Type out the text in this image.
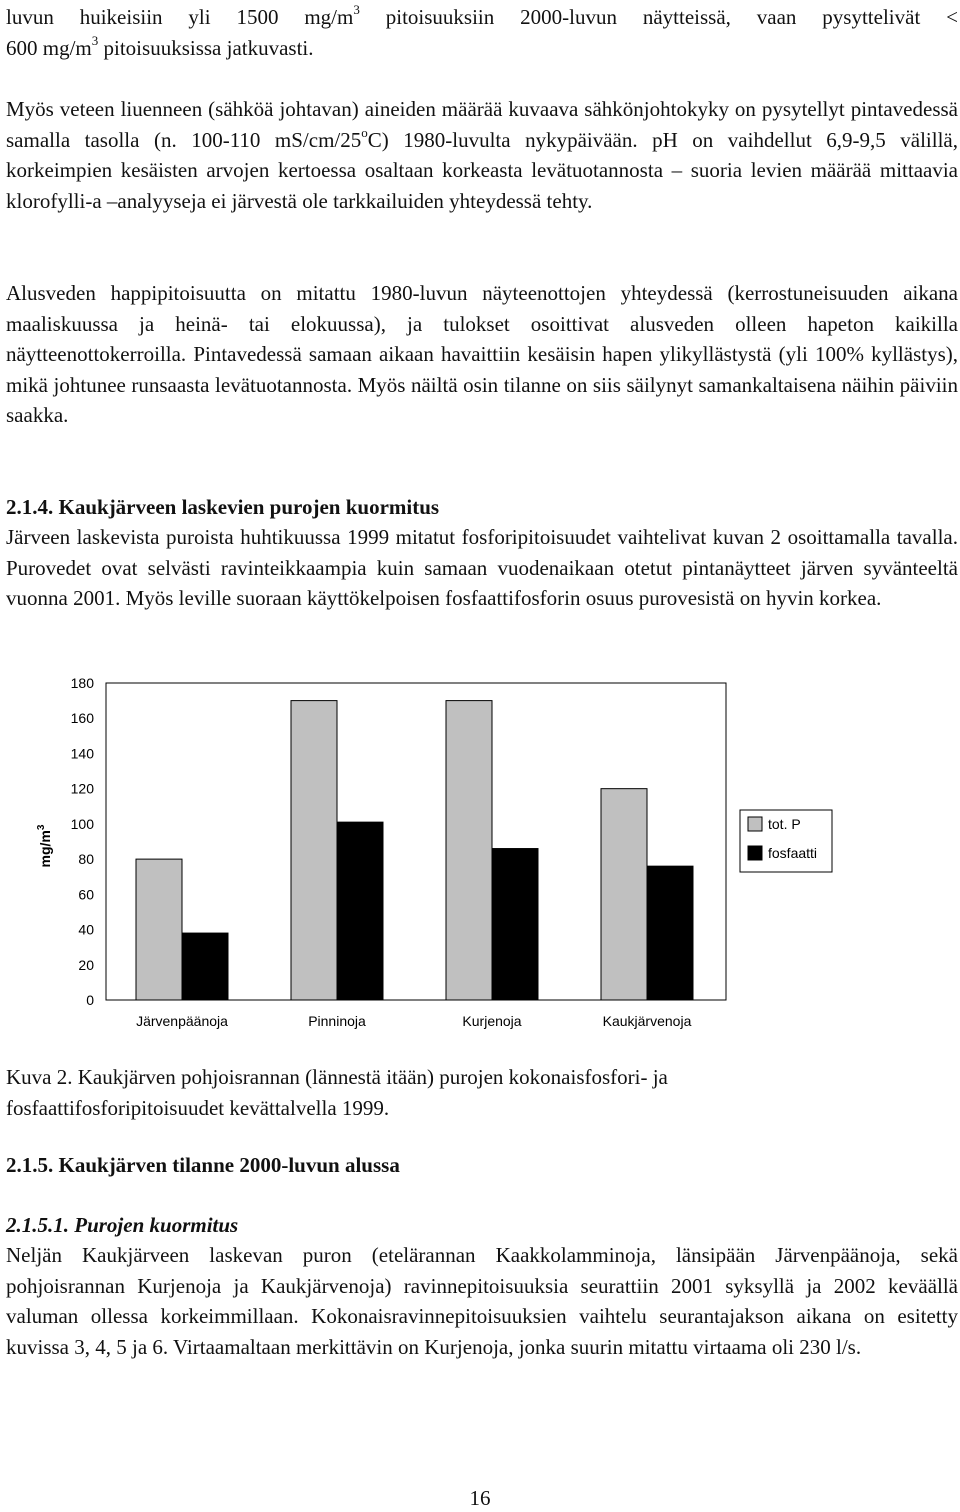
luvun huikeisiin yli 1500 $mg/m^3$ pitoisuuksiin 2000-luvun näytteissä, vaan pysyttelivät <

600 $mg/m^3$ pitoisuuksissa jatkuvasti.

Myös veteen liuenneen (sähköä johtavan) aineiden määrää kuvaava sähkönjohtokyky on pysytellyt pintavedessä samalla tasolla (n. 100-110 mS/cm/25$^o$C) 1980-luvulta nykypäivään. pH on vaihdellut 6,9-9,5 välillä, korkeimpien kesäisten arvojen kertoessa osaltaan korkeasta levätuotannosta – suoria levien määrää mittaavia klorofylli-a –analyyseja ei järvestä ole tarkkailuiden yhteydessä tehty.

Alusveden happipitoisuutta on mitattu 1980-luvun näyteenottojen yhteydessä (kerrostuneisuuden aikana maaliskuussa ja heinä- tai elokuussa), ja tulokset osoittivat alusveden olleen hapeton kaikilla näytteenottokerroilla. Pintavedessä samaan aikaan havaittiin kesäisin hapen ylikyllästystä (yli 100% kyllästys), mikä johtunee runsaasta levätuotannosta. Myös näiltä osin tilanne on siis säilynyt samankaltaisena näihin päiviin saakka.

2.1.4. Kaukjärveen laskevien purojen kuormitus

Järveen laskevista puroista huhtikuussa 1999 mitatut fosforipitoisuudet vaihtelivat kuvan 2 osoittamalla tavalla. Purovedet ovat selvästi ravinteikkaampia kuin samaan vuodenaikaan otetut pintanäytteet järven syvänteeltä vuonna 2001. Myös leville suoraan käyttökelpoisen fosfaattifosforin osuus purovesistä on hyvin korkea.

$mg/m^3$
0
20
40
60
80
100
120
140
160
180
Järvenpäänoja	Pinninoja	Kurjenoja	Kaukjärvenoja
tot. P
fosfaatti

Kuva 2. Kaukjärven pohjoisrannan (lännestä itään) purojen kokonaisfosfori- ja

fosfaattifosforipitoisuudet kevättalvella 1999.

2.1.5. Kaukjärven tilanne 2000-luvun alussa

2.1.5.1. Purojen kuormitus

Neljän Kaukjärveen laskevan puron (etelärannan Kaakkolamminoja, länsipään Järvenpäänoja, sekä pohjoisrannan Kurjenoja ja Kaukjärvenoja) ravinnepitoisuuksia seurattiin 2001 syksyllä ja 2002 keväällä valuman ollessa korkeimmillaan. Kokonaisravinnepitoisuuksien vaihtelu seurantajakson aikana on esitetty kuvissa 3, 4, 5 ja 6. Virtaamaltaan merkittävin on Kurjenoja, jonka suurin mitattu virtaama oli 230 l/s.

16
